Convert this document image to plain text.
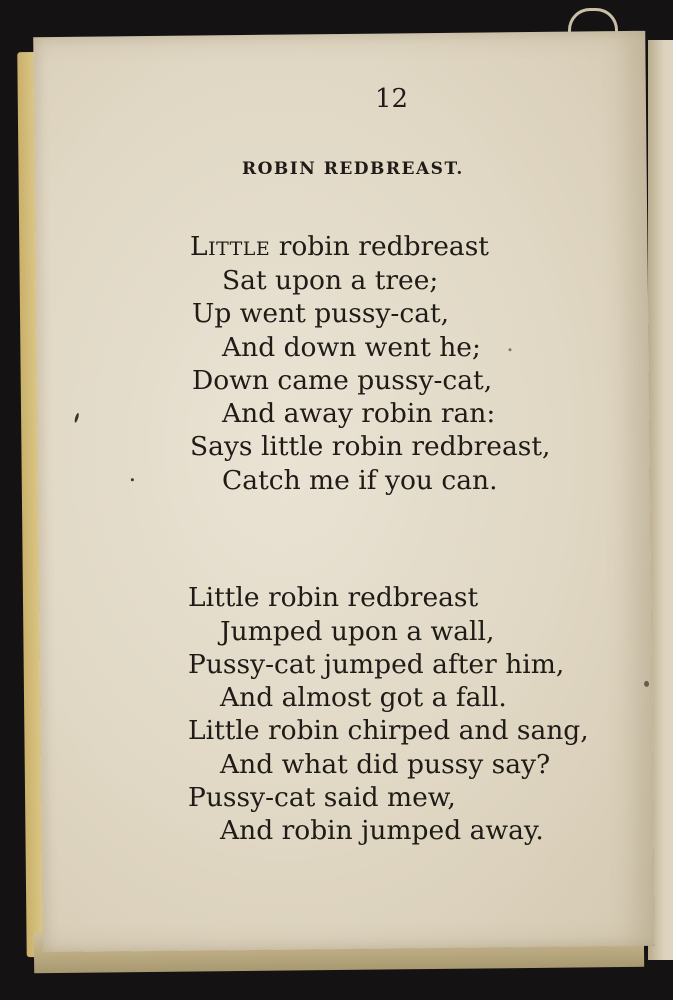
12
ROBIN REDBREAST.
Little robin redbreast
Sat upon a tree;
Up went pussy-cat,
And down went he;
Down came pussy-cat,
And away robin ran:
Says little robin redbreast,
Catch me if you can.
Little robin redbreast
Jumped upon a wall,
Pussy-cat jumped after him,
And almost got a fall.
Little robin chirped and sang,
And what did pussy say?
Pussy-cat said mew,
And robin jumped away.
